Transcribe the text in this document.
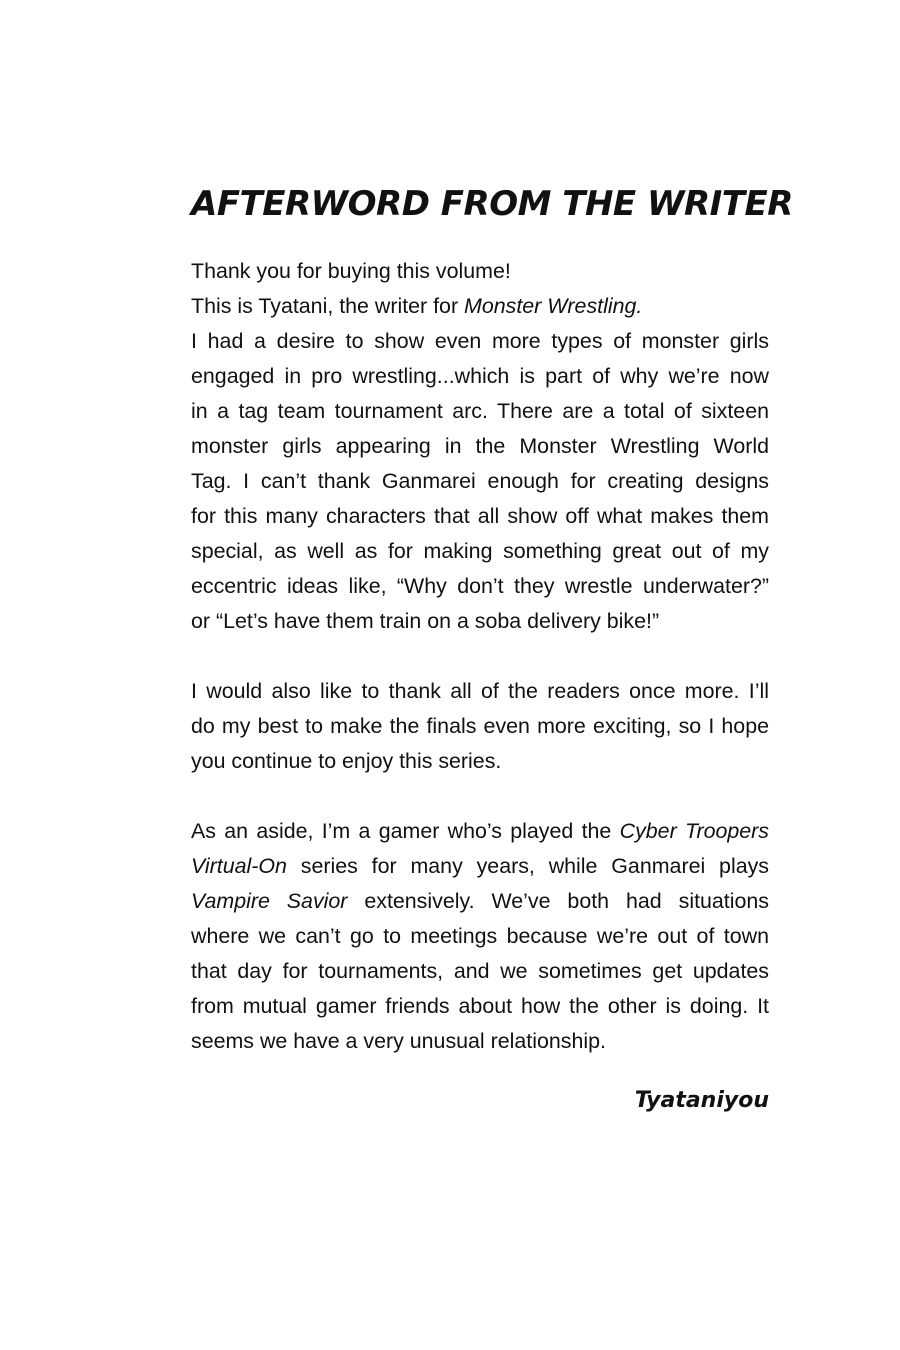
AFTERWORD FROM THE WRITER
Thank you for buying this volume!
This is Tyatani, the writer for Monster Wrestling.
I had a desire to show even more types of monster girls
engaged in pro wrestling...which is part of why we’re now
in a tag team tournament arc. There are a total of sixteen
monster girls appearing in the Monster Wrestling World
Tag. I can’t thank Ganmarei enough for creating designs
for this many characters that all show off what makes them
special, as well as for making something great out of my
eccentric ideas like, “Why don’t they wrestle underwater?”
or “Let’s have them train on a soba delivery bike!”
I would also like to thank all of the readers once more. I’ll
do my best to make the finals even more exciting, so I hope
you continue to enjoy this series.
As an aside, I’m a gamer who’s played the Cyber Troopers
Virtual-On series for many years, while Ganmarei plays
Vampire Savior extensively. We’ve both had situations
where we can’t go to meetings because we’re out of town
that day for tournaments, and we sometimes get updates
from mutual gamer friends about how the other is doing. It
seems we have a very unusual relationship.
Tyataniyou
